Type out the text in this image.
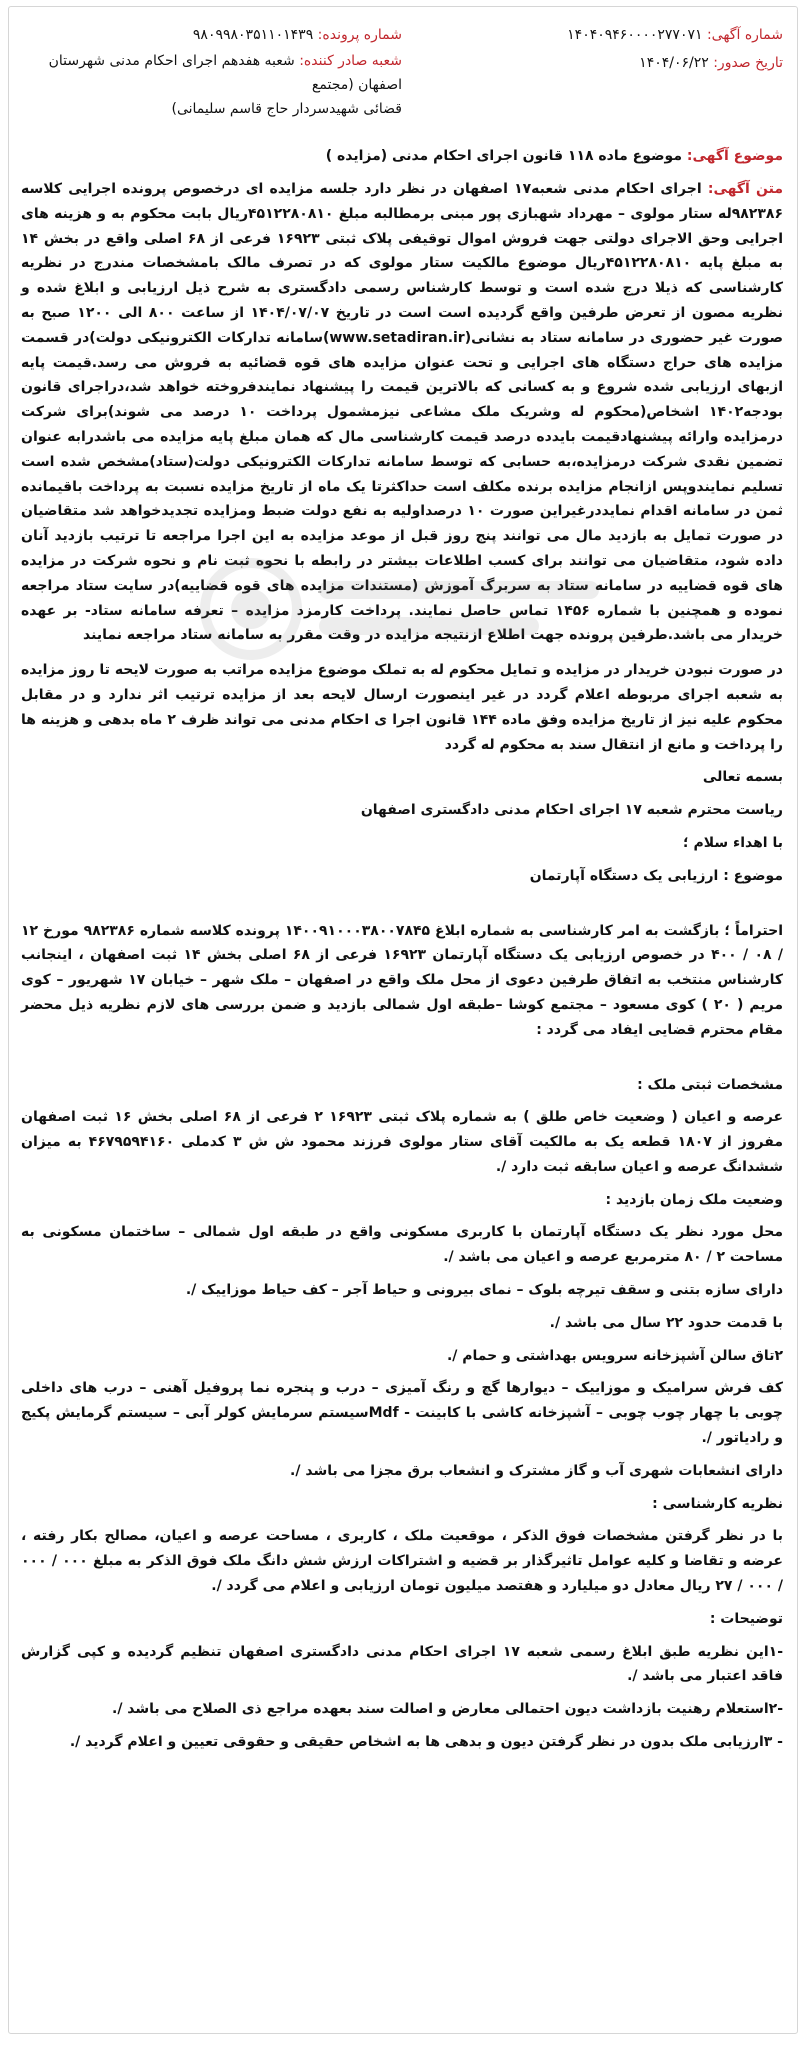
شماره آگهی: ۱۴۰۴۰۹۴۶۰۰۰۰۲۷۷۰۷۱
شماره پرونده: ۹۸۰۹۹۸۰۳۵۱۱۰۱۴۳۹
تاریخ صدور: ۱۴۰۴/۰۶/۲۲
شعبه صادر کننده: شعبه هفدهم اجرای احکام مدنی شهرستان اصفهان (مجتمع
قضائی شهیدسردار حاج قاسم سلیمانی)
موضوع آگهی: موضوع ماده ۱۱۸ قانون اجرای احکام مدنی (مزایده )
متن آگهی: اجرای احکام مدنی شعبه۱۷ اصفهان در نظر دارد جلسه مزایده ای درخصوص پرونده اجرایی کلاسه ۹۸۲۳۸۶له ستار مولوی – مهرداد شهبازی پور مبنی برمطالبه مبلغ ۴۵۱۲۲۸۰۸۱۰ریال بابت محکوم به و هزینه های اجرایی وحق الاجرای دولتی جهت فروش اموال توقیفی پلاک ثبتی ۱۶۹۲۳ فرعی از ۶۸ اصلی واقع در بخش ۱۴ به مبلغ پایه ۴۵۱۲۲۸۰۸۱۰ریال موضوع مالکیت ستار مولوی که در تصرف مالک بامشخصات مندرج در نظریه کارشناسی که ذیلا درج شده است و توسط کارشناس رسمی دادگستری به شرح ذیل ارزیابی و ابلاغ شده و نظریه مصون از تعرض طرفین واقع گردیده است است در تاریخ ۱۴۰۴/۰۷/۰۷ از ساعت ۸۰۰ الی ۱۲۰۰ صبح به صورت غیر حضوری در سامانه ستاد به نشانی(www.setadiran.ir)سامانه تدارکات الکترونیکی دولت)در قسمت مزایده های حراج دستگاه های اجرایی و تحت عنوان مزایده های قوه قضائیه به فروش می رسد.قیمت پایه ازبهای ارزیابی شده شروع و به کسانی که بالاترین قیمت را پیشنهاد نمایندفروخته خواهد شد،دراجرای قانون بودجه۱۴۰۲ اشخاص(محکوم له وشریک ملک مشاعی نیزمشمول پرداخت ۱۰ درصد می شوند)برای شرکت درمزایده وارائه پیشنهادقیمت بایدده درصد قیمت کارشناسی مال که همان مبلغ پایه مزایده می باشدرابه عنوان تضمین نقدی شرکت درمزایده،به حسابی که توسط سامانه تدارکات الکترونیکی دولت(ستاد)مشخص شده است تسلیم نمایندوپس ازانجام مزایده برنده مکلف است حداکثرتا یک ماه از تاریخ مزایده نسبت به پرداخت باقیمانده ثمن در سامانه اقدام نمایددرغیراین صورت ۱۰ درصداولیه به نفع دولت ضبط ومزایده تجدیدخواهد شد متقاضیان در صورت تمایل به بازدید مال می توانند پنج روز قبل از موعد مزایده به این اجرا مراجعه تا ترتیب بازدید آنان داده شود، متقاضیان می توانند برای کسب اطلاعات بیشتر در رابطه با نحوه ثبت نام و نحوه شرکت در مزایده های قوه قضاییه در سامانه ستاد به سربرگ آموزش (مستندات مزایده های قوه قضاییه)در سایت ستاد مراجعه نموده و همچنین با شماره ۱۴۵۶ تماس حاصل نمایند. پرداخت کارمزد مزایده – تعرفه سامانه ستاد- بر عهده خریدار می باشد.طرفین پرونده جهت اطلاع ازنتیجه مزایده در وقت مقرر به سامانه ستاد مراجعه نمایند

در صورت نبودن خریدار در مزایده و تمایل محکوم له به تملک موضوع مزایده مراتب به صورت لایحه تا روز مزایده به شعبه اجرای مربوطه اعلام گردد در غیر اینصورت ارسال لایحه بعد از مزایده ترتیب اثر ندارد و در مقابل محکوم علیه نیز از تاریخ مزایده وفق ماده ۱۴۴ قانون اجرا ی احکام مدنی می تواند ظرف ۲ ماه بدهی و هزینه ها را پرداخت و مانع از انتقال سند به محکوم له گردد

بسمه تعالی

ریاست محترم شعبه ۱۷ اجرای احکام مدنی دادگستری اصفهان

با اهداء سلام ؛

موضوع : ارزیابی یک دستگاه آپارتمان

احتراماً ؛ بازگشت به امر کارشناسی به شماره ابلاغ ۱۴۰۰۹۱۰۰۰۳۸۰۰۷۸۴۵ پرونده کلاسه شماره ۹۸۲۳۸۶ مورخ ۱۲ / ۰۸ / ۴۰۰ در خصوص ارزیابی یک دستگاه آپارتمان ۱۶۹۲۳ فرعی از ۶۸ اصلی بخش ۱۴ ثبت اصفهان ، اینجانب کارشناس منتخب به اتفاق طرفین دعوی از محل ملک واقع در اصفهان – ملک شهر – خیابان ۱۷ شهریور – کوی مریم ( ۲۰ ) کوی مسعود – مجتمع کوشا –طبقه اول شمالی بازدید و ضمن بررسی های لازم نظریه ذیل محضر مقام محترم قضایی ایفاد می گردد :

مشخصات ثبتی ملک :

عرصه و اعیان ( وضعیت خاص طلق ) به شماره پلاک ثبتی ۱۶۹۲۳ ۲ فرعی از ۶۸ اصلی بخش ۱۶ ثبت اصفهان مفروز از ۱۸۰۷ قطعه یک به مالکیت آقای ستار مولوی فرزند محمود ش ش ۳ کدملی ۴۶۷۹۵۹۴۱۶۰ به میزان ششدانگ عرصه و اعیان سابقه ثبت دارد /.

وضعیت ملک زمان بازدید :

محل مورد نظر یک دستگاه آپارتمان با کاربری مسکونی واقع در طبقه اول شمالی – ساختمان مسکونی به مساحت ۲ / ۸۰ مترمربع عرصه و اعیان می باشد /.

دارای سازه بتنی و سقف تیرچه بلوک – نمای بیرونی و حیاط آجر – کف حیاط موزاییک /.

با قدمت حدود ۲۲ سال می باشد /.

۲تاق سالن آشپزخانه سرویس بهداشتی و حمام /.

کف فرش سرامیک و موزاییک – دیوارها گچ و رنگ آمیزی – درب و پنجره نما پروفیل آهنی – درب های داخلی چوبی با چهار چوب چوبی – آشپزخانه کاشی با کابینت - Mdfسیستم سرمایش کولر آبی – سیستم گرمایش پکیج و رادیاتور /.

دارای انشعابات شهری آب و گاز مشترک و انشعاب برق مجزا می باشد /.

نظریه کارشناسی :

با در نظر گرفتن مشخصات فوق الذکر ، موقعیت ملک ، کاربری ، مساحت عرصه و اعیان، مصالح بکار رفته ، عرضه و تقاضا و کلیه عوامل تاثیرگذار بر قضیه و اشتراکات ارزش شش دانگ ملک فوق الذکر به مبلغ ۰۰۰ / ۰۰۰ / ۰۰۰ / ۲۷ ریال معادل دو میلیارد و هفتصد میلیون تومان ارزیابی و اعلام می گردد /.

توضیحات :

-۱این نظریه طبق ابلاغ رسمی شعبه ۱۷ اجرای احکام مدنی دادگستری اصفهان تنظیم گردیده و کپی گزارش فاقد اعتبار می باشد /.

-۲استعلام رهنیت بازداشت دیون احتمالی معارض و اصالت سند بعهده مراجع ذی الصلاح می باشد /.

- ۳ارزیابی ملک بدون در نظر گرفتن دیون و بدهی ها به اشخاص حقیقی و حقوقی تعیین و اعلام گردید /.
